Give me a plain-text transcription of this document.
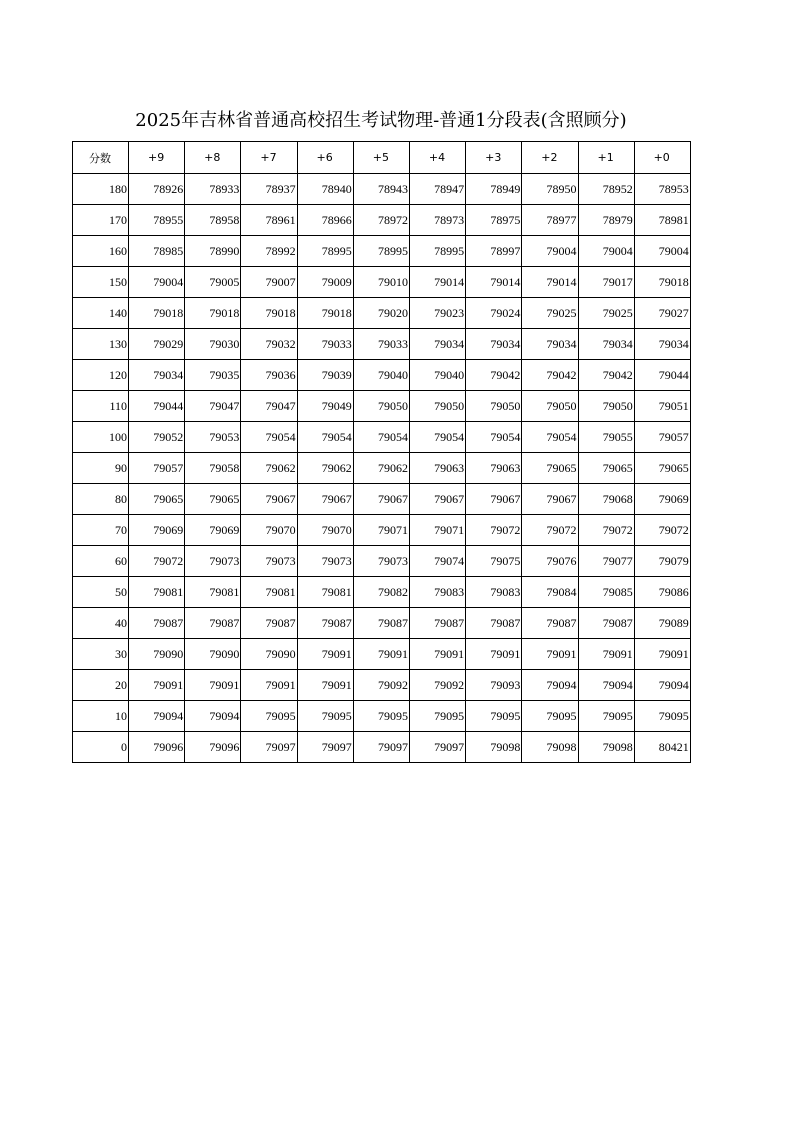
2025年吉林省普通高校招生考试物理-普通1分段表(含照顾分)
分数	+9	+8	+7	+6	+5	+4	+3	+2	+1	+0
180	78926	78933	78937	78940	78943	78947	78949	78950	78952	78953
170	78955	78958	78961	78966	78972	78973	78975	78977	78979	78981
160	78985	78990	78992	78995	78995	78995	78997	79004	79004	79004
150	79004	79005	79007	79009	79010	79014	79014	79014	79017	79018
140	79018	79018	79018	79018	79020	79023	79024	79025	79025	79027
130	79029	79030	79032	79033	79033	79034	79034	79034	79034	79034
120	79034	79035	79036	79039	79040	79040	79042	79042	79042	79044
110	79044	79047	79047	79049	79050	79050	79050	79050	79050	79051
100	79052	79053	79054	79054	79054	79054	79054	79054	79055	79057
90	79057	79058	79062	79062	79062	79063	79063	79065	79065	79065
80	79065	79065	79067	79067	79067	79067	79067	79067	79068	79069
70	79069	79069	79070	79070	79071	79071	79072	79072	79072	79072
60	79072	79073	79073	79073	79073	79074	79075	79076	79077	79079
50	79081	79081	79081	79081	79082	79083	79083	79084	79085	79086
40	79087	79087	79087	79087	79087	79087	79087	79087	79087	79089
30	79090	79090	79090	79091	79091	79091	79091	79091	79091	79091
20	79091	79091	79091	79091	79092	79092	79093	79094	79094	79094
10	79094	79094	79095	79095	79095	79095	79095	79095	79095	79095
0	79096	79096	79097	79097	79097	79097	79098	79098	79098	80421
